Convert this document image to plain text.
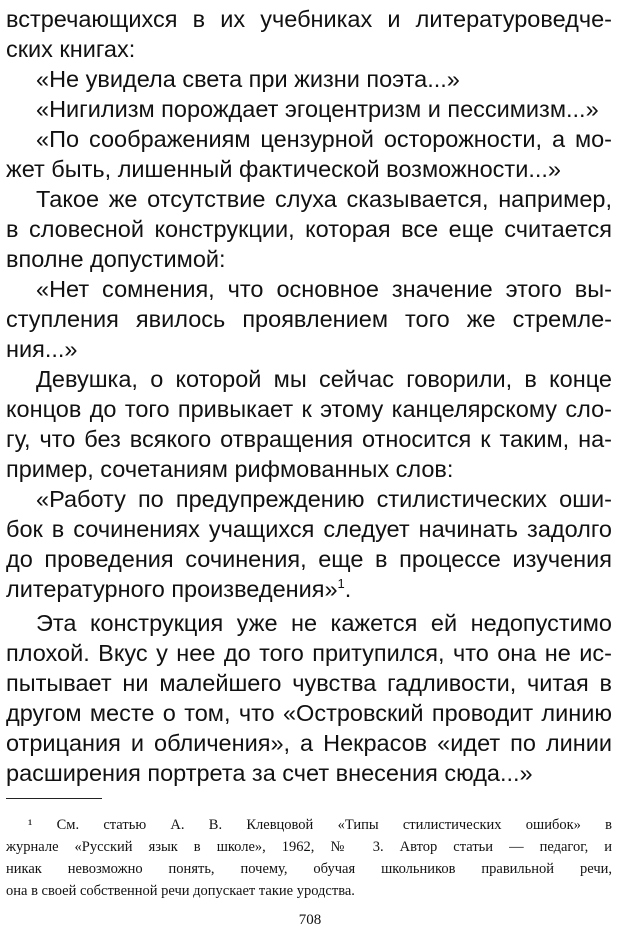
встречающихся в их учебниках и литературоведче-
ских книгах:
«Не увидела света при жизни поэта...»
«Нигилизм порождает эгоцентризм и пессимизм...»
«По соображениям цензурной осторожности, а мо-
жет быть, лишенный фактической возможности...»
Такое же отсутствие слуха сказывается, например,
в словесной конструкции, которая все еще считается
вполне допустимой:
«Нет сомнения, что основное значение этого вы-
ступления явилось проявлением того же стремле-
ния...»
Девушка, о которой мы сейчас говорили, в конце
концов до того привыкает к этому канцелярскому сло-
гу, что без всякого отвращения относится к таким, на-
пример, сочетаниям рифмованных слов:
«Работу по предупреждению стилистических оши-
бок в сочинениях учащихся следует начинать задолго
до проведения сочинения, еще в процессе изучения
литературного произведения»$^1$.
Эта конструкция уже не кажется ей недопустимо
плохой. Вкус у нее до того притупился, что она не ис-
пытывает ни малейшего чувства гадливости, читая в
другом месте о том, что «Островский проводит линию
отрицания и обличения», а Некрасов «идет по линии
расширения портрета за счет внесения сюда...»
¹ См. статью А. В. Клевцовой «Типы стилистических ошибок» в
журнале «Русский язык в школе», 1962, № 3. Автор статьи — педагог, и
никак невозможно понять, почему, обучая школьников правильной речи,
она в своей собственной речи допускает такие уродства.
708
